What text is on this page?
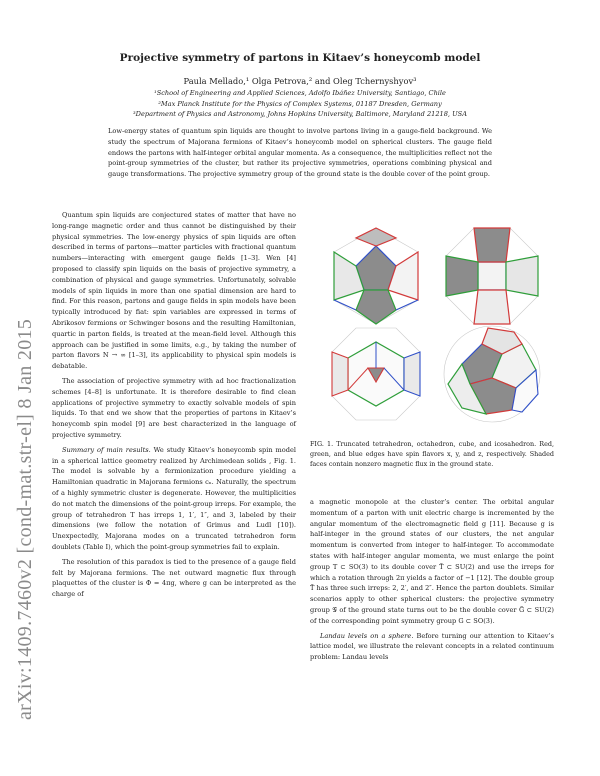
arXiv:1409.7460v2 [cond-mat.str-el] 8 Jan 2015
Projective symmetry of partons in Kitaev’s honeycomb model
Paula Mellado,¹ Olga Petrova,² and Oleg Tchernyshyov³
¹School of Engineering and Applied Sciences, Adolfo Ibáñez University, Santiago, Chile
²Max Planck Institute for the Physics of Complex Systems, 01187 Dresden, Germany
³Department of Physics and Astronomy, Johns Hopkins University, Baltimore, Maryland 21218, USA
Low-energy states of quantum spin liquids are thought to involve partons living in a gauge-field background. We study the spectrum of Majorana fermions of Kitaev’s honeycomb model on spherical clusters. The gauge field endows the partons with half-integer orbital angular momenta. As a consequence, the multiplicities reflect not the point-group symmetries of the cluster, but rather its projective symmetries, operations combining physical and gauge transformations. The projective symmetry group of the ground state is the double cover of the point group.

Quantum spin liquids are conjectured states of matter that have no long-range magnetic order and thus cannot be distinguished by their physical symmetries. The low-energy physics of spin liquids are often described in terms of partons—matter particles with fractional quantum numbers—interacting with emergent gauge fields [1–3]. Wen [4] proposed to classify spin liquids on the basis of projective symmetry, a combination of physical and gauge symmetries. Unfortunately, solvable models of spin liquids in more than one spatial dimension are hard to find. For this reason, partons and gauge fields in spin models have been typically introduced by fiat: spin variables are expressed in terms of Abrikosov fermions or Schwinger bosons and the resulting Hamiltonian, quartic in parton fields, is treated at the mean-field level. Although this approach can be justified in some limits, e.g., by taking the number of parton flavors N → ∞ [1–3], its applicability to physical spin models is debatable.

The association of projective symmetry with ad hoc fractionalization schemes [4–8] is unfortunate. It is therefore desirable to find clean applications of projective symmetry to exactly solvable models of spin liquids. To that end we show that the properties of partons in Kitaev’s honeycomb spin model [9] are best characterized in the language of projective symmetry.

Summary of main results. We study Kitaev’s honeycomb spin model in a spherical lattice geometry realized by Archimedean solids , Fig. 1. The model is solvable by a fermionization procedure yielding a Hamiltonian quadratic in Majorana fermions cₙ. Naturally, the spectrum of a highly symmetric cluster is degenerate. However, the multiplicities do not match the dimensions of the point-group irreps. For example, the group of tetrahedron T has irreps 1, 1′, 1″, and 3, labeled by their dimensions (we follow the notation of Grimus and Ludl [10]). Unexpectedly, Majorana modes on a truncated tetrahedron form doublets (Table I), which the point-group symmetries fail to explain.

The resolution of this paradox is tied to the presence of a gauge field felt by Majorana fermions. The net outward magnetic flux through plaquettes of the cluster is Φ = 4πg, where g can be interpreted as the charge of

FIG. 1. Truncated tetrahedron, octahedron, cube, and icosahedron. Red, green, and blue edges have spin flavors x, y, and z, respectively. Shaded faces contain nonzero magnetic flux in the ground state.

a magnetic monopole at the cluster’s center. The orbital angular momentum of a parton with unit electric charge is incremented by the angular momentum of the electromagnetic field g [11]. Because g is half-integer in the ground states of our clusters, the net angular momentum is converted from integer to half-integer. To accommodate states with half-integer angular momenta, we must enlarge the point group T ⊂ SO(3) to its double cover T̃ ⊂ SU(2) and use the irreps for which a rotation through 2π yields a factor of −1 [12]. The double group T̃ has three such irreps: 2, 2′, and 2″. Hence the parton doublets. Similar scenarios apply to other spherical clusters: the projective symmetry group 𝒢 of the ground state turns out to be the double cover G̃ ⊂ SU(2) of the corresponding point symmetry group G ⊂ SO(3).

Landau levels on a sphere. Before turning our attention to Kitaev’s lattice model, we illustrate the relevant concepts in a related continuum problem: Landau levels
